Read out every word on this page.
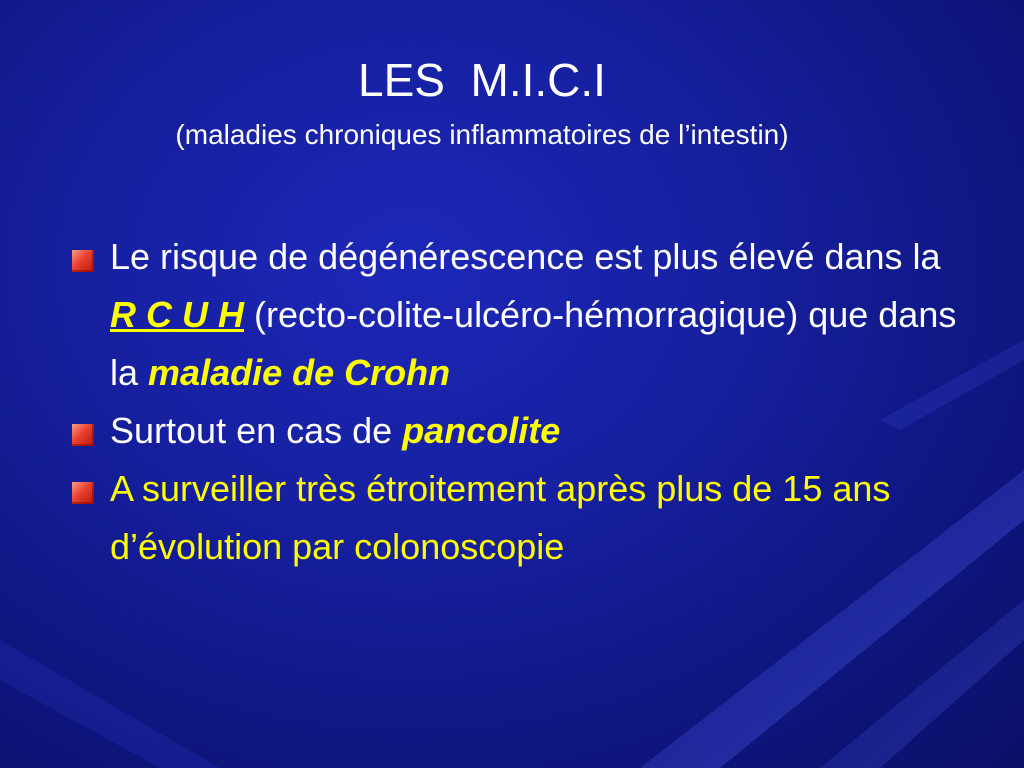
LES  M.I.C.I
(maladies chroniques inflammatoires de l’intestin)
Le risque de dégénérescence est plus élevé dans la R C U H (recto-colite-ulcéro-hémorragique) que dans la maladie de Crohn
Surtout en cas de pancolite
A surveiller très étroitement après plus de 15 ans d’évolution par colonoscopie
